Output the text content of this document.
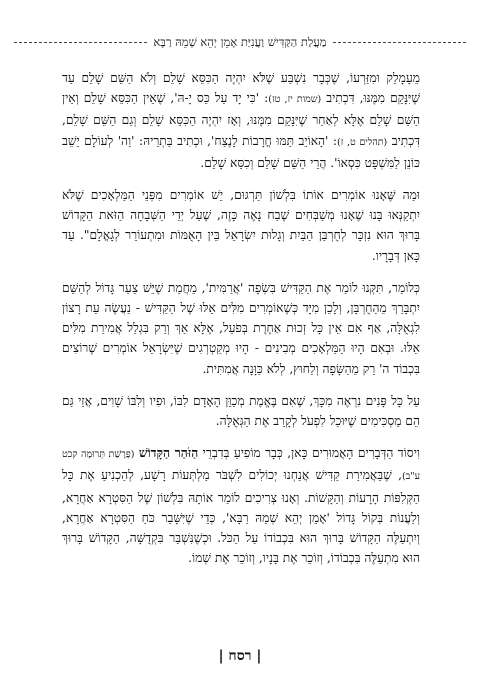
מַעֲלַת הַקַּדִּישׁ וַעֲנִיַּת אָמֵן יְהֵא שְׁמֵהּ רַבָּא

מֵעָמָלֵק וּמִזַּרְעוֹ, שֶׁכְּבָר נִשְׁבַּע שֶׁלֹּא יִהְיֶה הַכִּסֵּא שָׁלֵם וְלֹא הַשֵּׁם שָׁלֵם עַד שֶׁיִּנָּקֵם מִמֶּנּוּ, דִּכְתִיב (שמות יז, טז): 'כִּי יָד עַל כֵּס יָ-הּ', שֶׁאֵין הַכִּסֵּא שָׁלֵם וְאֵין הַשֵּׁם שָׁלֵם אֶלָּא לְאַחַר שֶׁיִּנָּקֵם מִמֶּנּוּ, וְאָז יִהְיֶה הַכִּסֵּא שָׁלֵם וְגַם הַשֵּׁם שָׁלֵם, דִּכְתִיב (תהלים ט, ז): 'הָאוֹיֵב תַּמּוּ חֳרָבוֹת לָנֶצַח', וּכְתִיב בַּתְרֵיהּ: 'וַה' לְעוֹלָם יֵשֵׁב כּוֹנֵן לַמִּשְׁפָּט כִּסְאוֹ'. הֲרֵי הַשֵּׁם שָׁלֵם וְכִסֵּא שָׁלֵם.

וּמַה שֶּׁאָנוּ אוֹמְרִים אוֹתוֹ בִּלְשׁוֹן תַּרְגּוּם, יֵשׁ אוֹמְרִים מִפְּנֵי הַמַּלְאָכִים שֶׁלֹּא יִתְקַנְּאוּ בָּנוּ שֶׁאָנוּ מְשַׁבְּחִים שֶׁבַח נָאֶה כָּזֶה, שֶׁעַל יְדֵי הַשְּׁבָחָה הַזֹּאת הַקָּדוֹשׁ בָּרוּךְ הוּא נִזְכָּר לְחֻרְבַּן הַבַּיִת וְגָלוּת יִשְׂרָאֵל בֵּין הָאֻמּוֹת וּמִתְעוֹרֵר לְגָאֳלָם". עַד כָּאן דְּבָרָיו.

כְּלוֹמַר, תִּקְּנוּ לוֹמַר אֶת הַקַּדִּישׁ בִּשְׂפָה 'אֲרַמִּית', מֵחֲמַת שֶׁיֵּשׁ צַעַר גָּדוֹל לְהַשֵּׁם יִתְבָּרַךְ מֵהַחֻרְבָּן, וְלָכֵן מִיָּד כְּשֶׁאוֹמְרִים מִלִּים אֵלּוּ שֶׁל הַקַּדִּישׁ - נַעֲשֶׂה עֵת רָצוֹן לִגְאֻלָּה, אַף אִם אֵין כָּל זְכוּת אַחֶרֶת בְּפֹעַל, אֶלָּא אַךְ וְרַק בִּגְלַל אֲמִירַת מִלִּים אֵלּוּ. וּבְאִם הָיוּ הַמַּלְאָכִים מְבִינִים - הָיוּ מְקַטְרְגִים שֶׁיִּשְׂרָאֵל אוֹמְרִים שֶׁרוֹצִים בִּכְבוֹד ה' רַק מֵהַשָּׂפָה וְלַחוּץ, לְלֹא כַּוָּנָה אֲמִתִּית.

עַל כָּל פָּנִים נִרְאֶה מִכָּךְ, שֶׁאִם בֶּאֱמֶת מְכַוֵּן הָאָדָם לִבּוֹ, וּפִיו וְלִבּוֹ שָׁוִים, אֲזַי גַּם הֵם מַסְכִּימִים שֶׁיּוּכַל לִפְעֹל לְקָרֵב אֶת הַגְּאֻלָּה.

וִיסוֹד הַדְּבָרִים הָאֲמוּרִים כָּאן, כְּבָר מוֹפִיעַ בְּדִבְרֵי הַזֹּהַר הַקָּדוֹשׁ (פָּרָשַׁת תְּרוּמָה קכט ע"ב), שֶׁבַּאֲמִירַת קַדִּישׁ אֲנַחְנוּ יְכוֹלִים לִשְׁבֹּר מַלְתְּעוֹת רָשָׁע, לְהַכְנִיעַ אֶת כָּל הַקְּלִפּוֹת הָרָעוֹת וְהַקָּשׁוֹת. וְאָנוּ צְרִיכִים לוֹמַר אוֹתָהּ בִּלְשׁוֹן שֶׁל הַסִּטְרָא אַחֲרָא, וְלַעֲנוֹת בְּקוֹל גָּדוֹל 'אָמֵן יְהֵא שְׁמֵהּ רַבָּא', כְּדֵי שֶׁיִּשָּׁבֵר כֹּחַ הַסִּטְרָא אַחֲרָא, וְיִתְעַלֶּה הַקָּדוֹשׁ בָּרוּךְ הוּא בִּכְבוֹדוֹ עַל הַכֹּל. וּכְשֶׁנִּשְׁבַּר בִּקְדֻשָּׁה, הַקָּדוֹשׁ בָּרוּךְ הוּא מִתְעַלֶּה בִּכְבוֹדוֹ, וְזוֹכֵר אֶת בָּנָיו, וְזוֹכֵר אֶת שְׁמוֹ.

| רסח |
